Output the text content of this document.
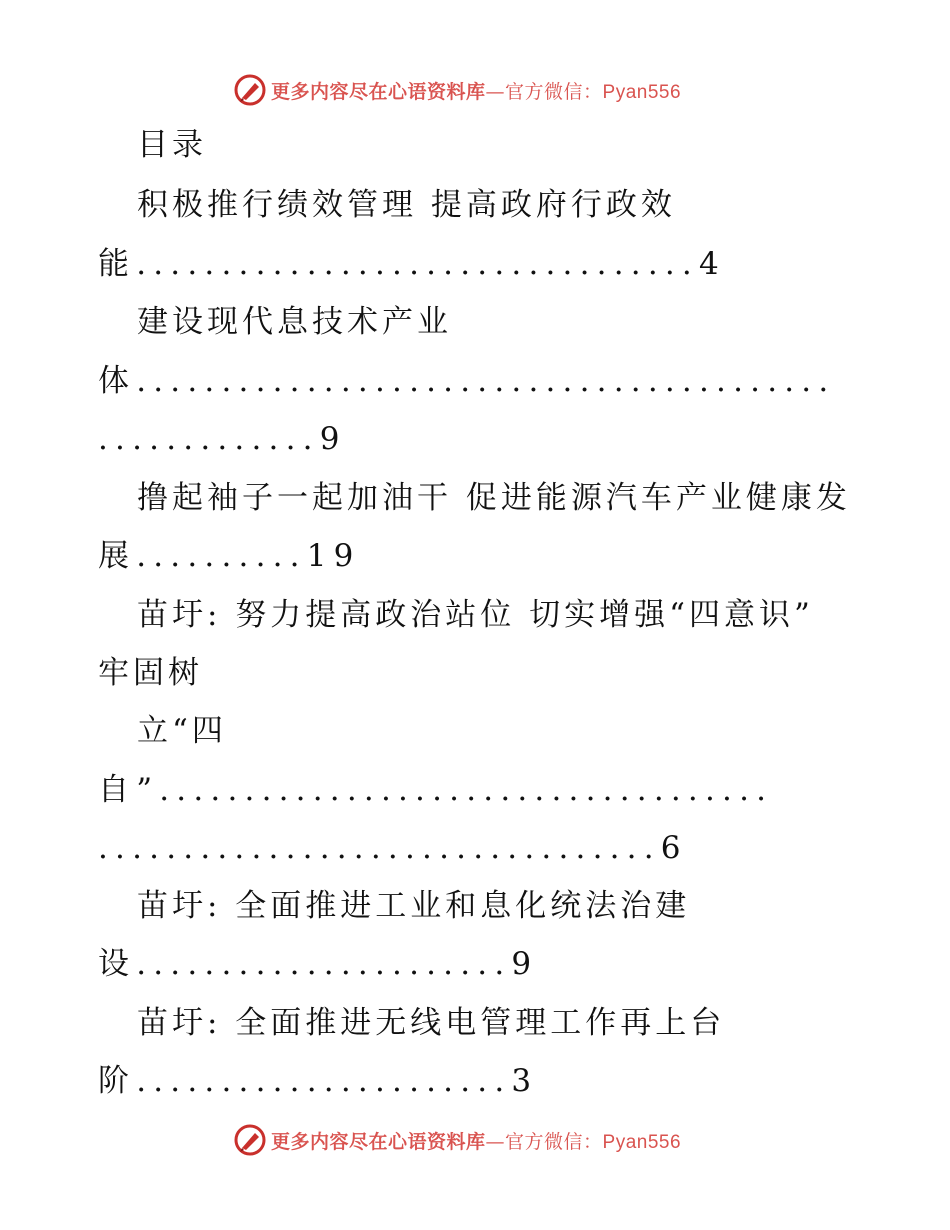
更多内容尽在心语资料库—官方微信：Pyan556
目录
积极推行绩效管理 提高政府行政效
能.................................4
建设现代息技术产业
体.........................................
.............9
撸起袖子一起加油干 促进能源汽车产业健康发
展..........19
苗圩: 努力提高政治站位 切实增强“四意识”
牢固树
立“四
自”....................................
.................................6
苗圩: 全面推进工业和息化统法治建
设......................9
苗圩: 全面推进无线电管理工作再上台
阶......................3
更多内容尽在心语资料库—官方微信：Pyan556
